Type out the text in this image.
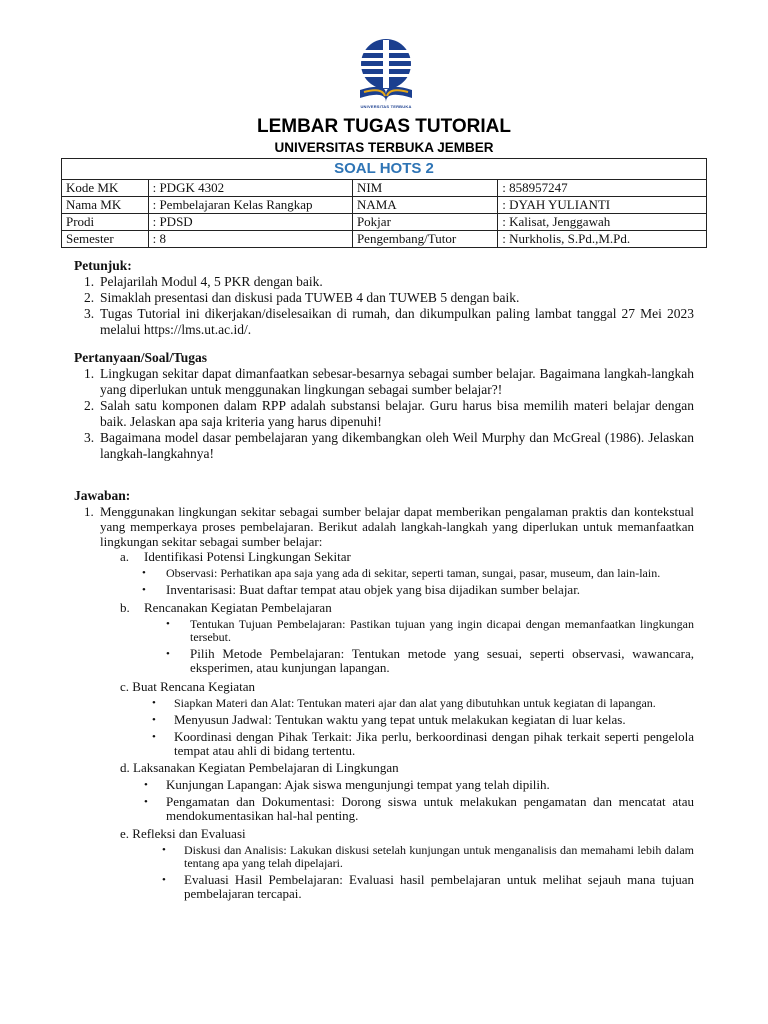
UNIVERSITAS TERBUKA
LEMBAR TUGAS TUTORIAL
UNIVERSITAS TERBUKA JEMBER
SOAL HOTS 2			
Kode MK	: PDGK 4302	NIM	: 858957247
Nama MK	: Pembelajaran Kelas Rangkap	NAMA	: DYAH YULIANTI
Prodi	: PDSD	Pokjar	: Kalisat, Jenggawah
Semester	: 8	Pengembang/Tutor	: Nurkholis, S.Pd.,M.Pd.
Petunjuk:
1. Pelajarilah Modul 4, 5 PKR dengan baik.
2. Simaklah presentasi dan diskusi pada TUWEB 4 dan TUWEB 5 dengan baik.
3. Tugas Tutorial ini dikerjakan/diselesaikan di rumah, dan dikumpulkan paling lambat tanggal 27 Mei 2023 melalui https://lms.ut.ac.id/.
Pertanyaan/Soal/Tugas
1. Lingkugan sekitar dapat dimanfaatkan sebesar-besarnya sebagai sumber belajar. Bagaimana langkah-langkah yang diperlukan untuk menggunakan lingkungan sebagai sumber belajar?!
2. Salah satu komponen dalam RPP adalah substansi belajar. Guru harus bisa memilih materi belajar dengan baik. Jelaskan apa saja kriteria yang harus dipenuhi!
3. Bagaimana model dasar pembelajaran yang dikembangkan oleh Weil Murphy dan McGreal (1986). Jelaskan langkah-langkahnya!
Jawaban:
1. Menggunakan lingkungan sekitar sebagai sumber belajar dapat memberikan pengalaman praktis dan kontekstual yang memperkaya proses pembelajaran. Berikut adalah langkah-langkah yang diperlukan untuk memanfaatkan lingkungan sekitar sebagai sumber belajar:
a. Identifikasi Potensi Lingkungan Sekitar
• Observasi: Perhatikan apa saja yang ada di sekitar, seperti taman, sungai, pasar, museum, dan lain-lain.
• Inventarisasi: Buat daftar tempat atau objek yang bisa dijadikan sumber belajar.
b. Rencanakan Kegiatan Pembelajaran
• Tentukan Tujuan Pembelajaran: Pastikan tujuan yang ingin dicapai dengan memanfaatkan lingkungan tersebut.
• Pilih Metode Pembelajaran: Tentukan metode yang sesuai, seperti observasi, wawancara, eksperimen, atau kunjungan lapangan.
c. Buat Rencana Kegiatan
• Siapkan Materi dan Alat: Tentukan materi ajar dan alat yang dibutuhkan untuk kegiatan di lapangan.
• Menyusun Jadwal: Tentukan waktu yang tepat untuk melakukan kegiatan di luar kelas.
• Koordinasi dengan Pihak Terkait: Jika perlu, berkoordinasi dengan pihak terkait seperti pengelola tempat atau ahli di bidang tertentu.
d. Laksanakan Kegiatan Pembelajaran di Lingkungan
• Kunjungan Lapangan: Ajak siswa mengunjungi tempat yang telah dipilih.
• Pengamatan dan Dokumentasi: Dorong siswa untuk melakukan pengamatan dan mencatat atau mendokumentasikan hal-hal penting.
e. Refleksi dan Evaluasi
• Diskusi dan Analisis: Lakukan diskusi setelah kunjungan untuk menganalisis dan memahami lebih dalam tentang apa yang telah dipelajari.
• Evaluasi Hasil Pembelajaran: Evaluasi hasil pembelajaran untuk melihat sejauh mana tujuan pembelajaran tercapai.
